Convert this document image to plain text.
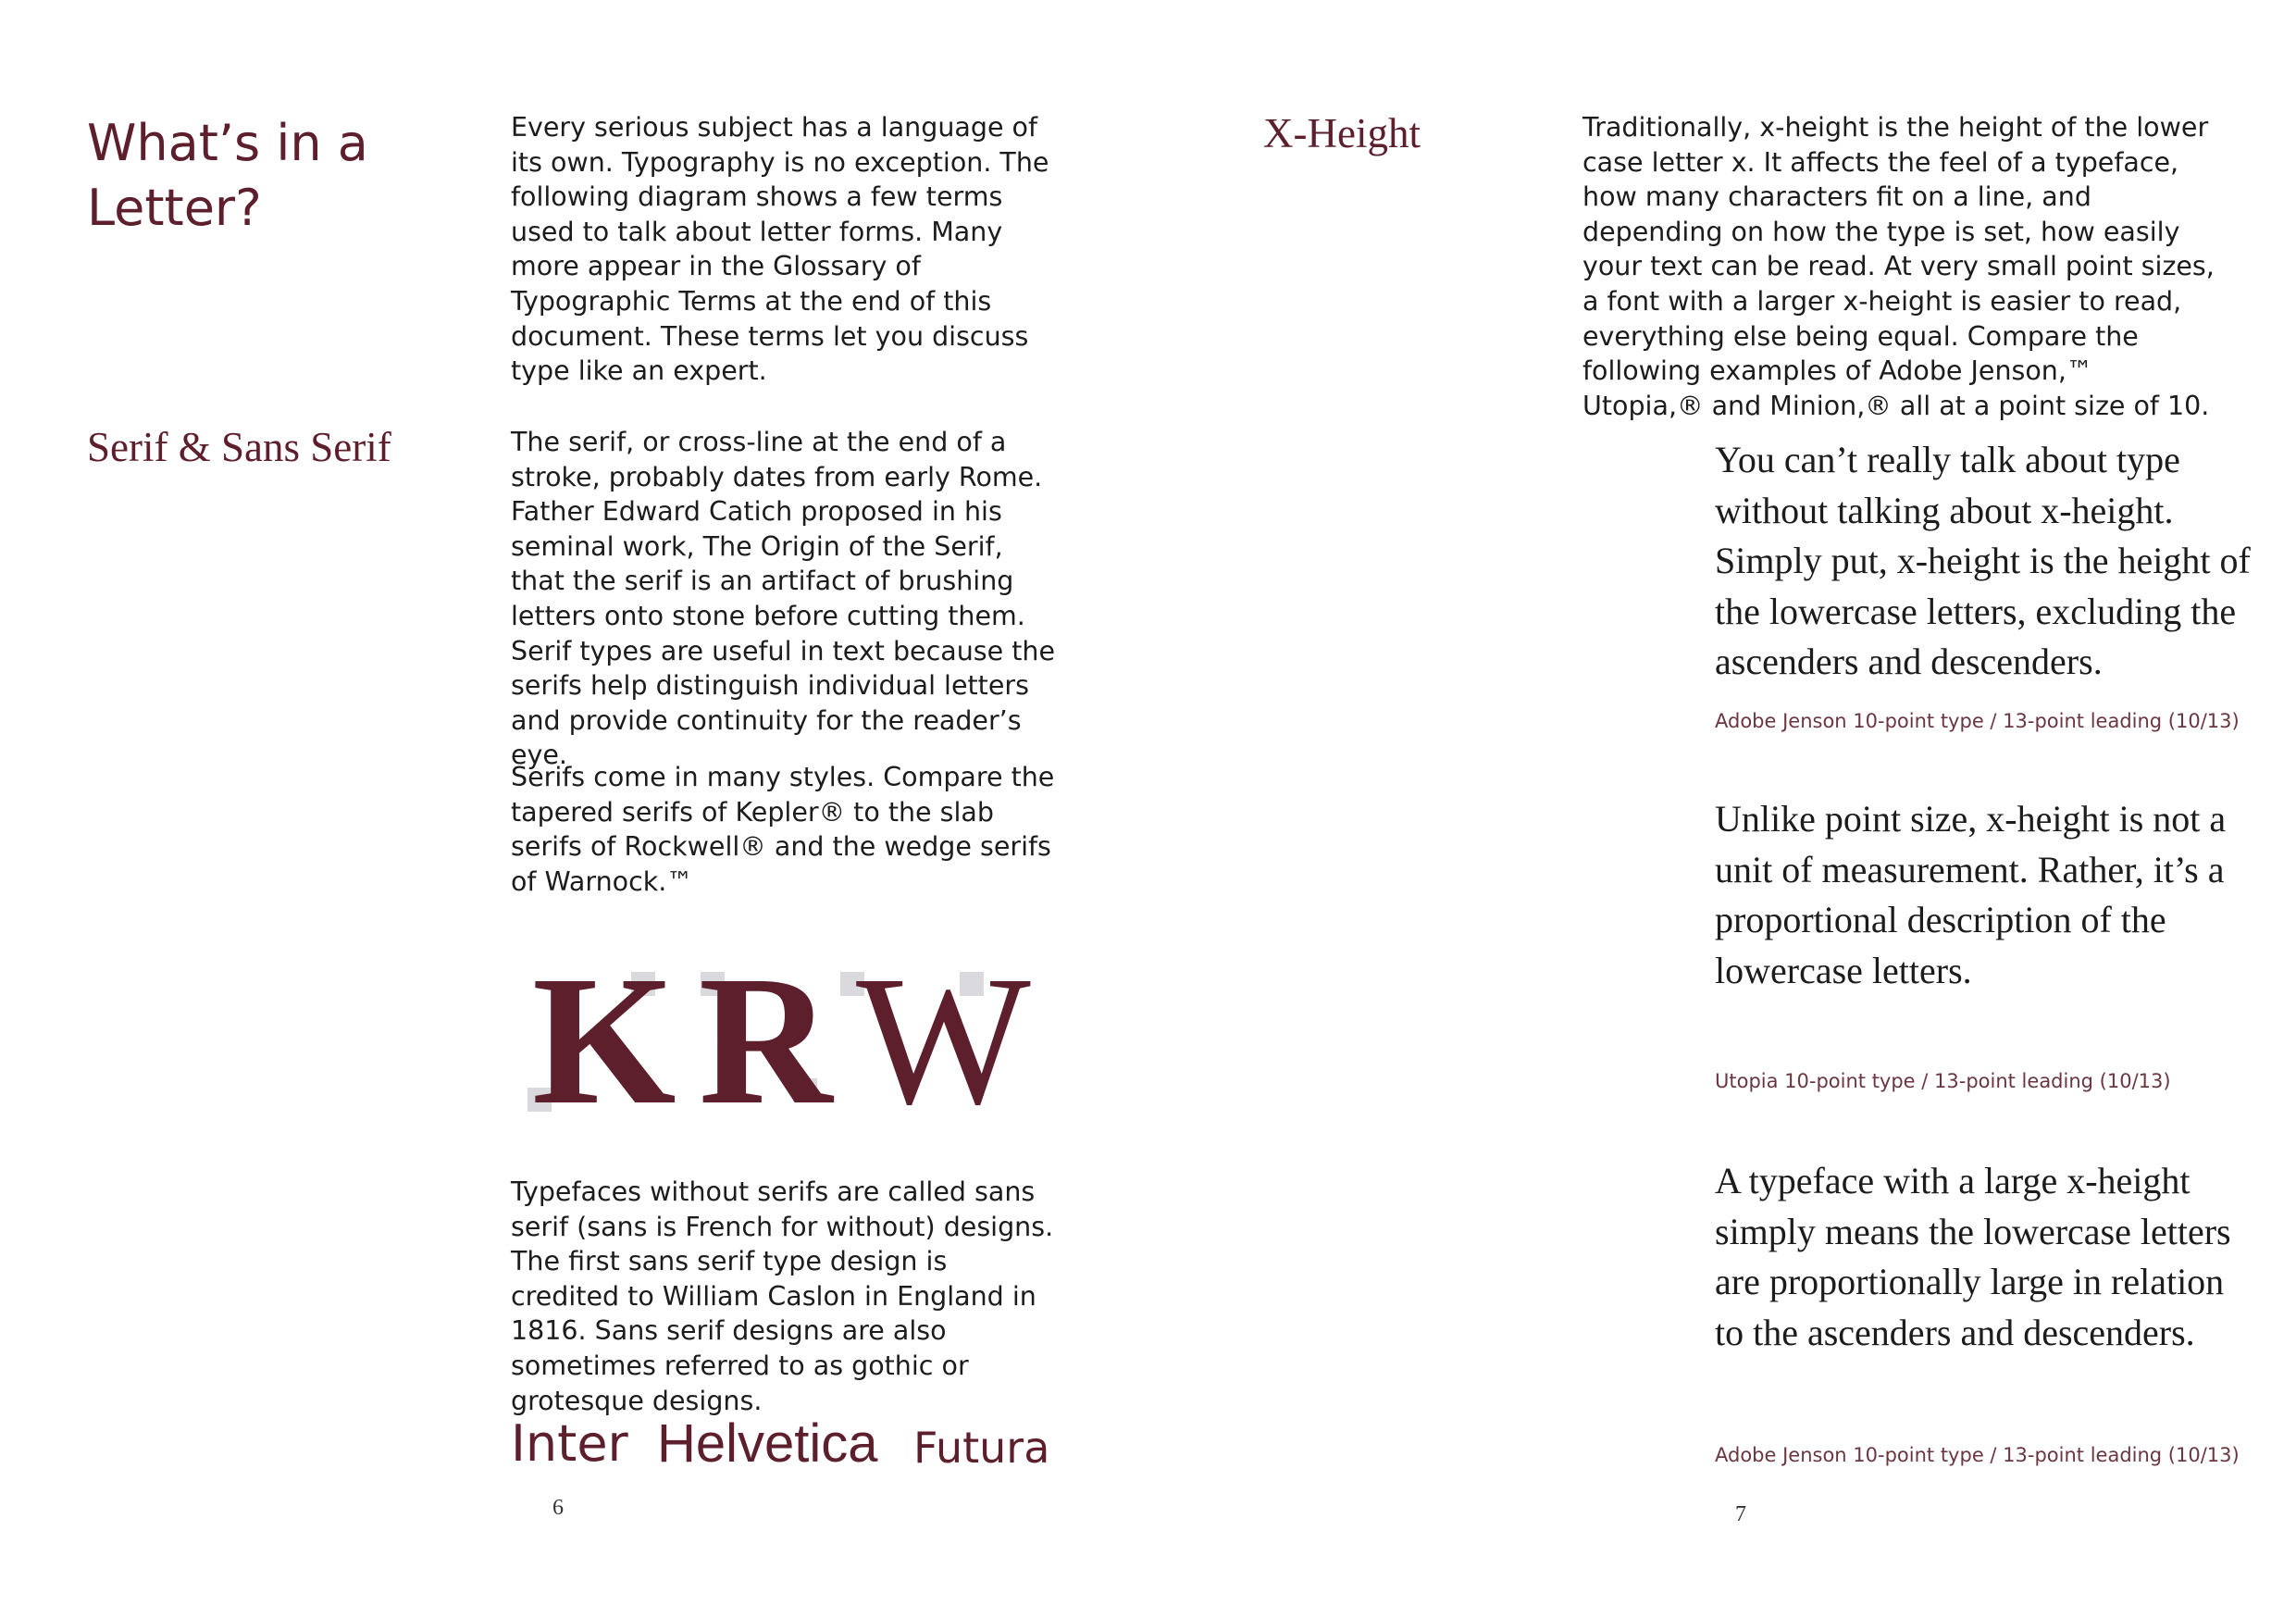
What’s in a Letter?

Every serious subject has a language of its own. Typography is no exception. The following diagram shows a few terms used to talk about letter forms. Many more appear in the Glossary of Typographic Terms at the end of this document. These terms let you discuss type like an expert.

Serif & Sans Serif	The serif, or cross-line at the end of a stroke, probably dates from early Rome. Father Edward Catich proposed in his seminal work, The Origin of the Serif, that the serif is an artifact of brushing letters onto stone before cutting them. Serif types are useful in text because the serifs help distinguish individual letters and provide continuity for the reader’s eye.

Serifs come in many styles. Compare the tapered serifs of Kepler® to the slab serifs of Rockwell® and the wedge serifs of Warnock.™

K R W

Typefaces without serifs are called sans serif (sans is French for without) designs. The first sans serif type design is credited to William Caslon in England in 1816. Sans serif designs are also sometimes referred to as gothic or grotesque designs.

Inter Helvetica Futura
6
X-Height	Traditionally, x-height is the height of the lower case letter x. It affects the feel of a typeface, how many characters fit on a line, and depending on how the type is set, how easily your text can be read. At very small point sizes, a font with a larger x-height is easier to read, everything else being equal. Compare the following examples of Adobe Jenson,™ Utopia,® and Minion,® all at a point size of 10.

You can’t really talk about type without talking about x-height. Simply put, x-height is the height of the lowercase letters, excluding the ascenders and descenders.

Adobe Jenson 10-point type / 13-point leading (10/13)

Unlike point size, x-height is not a unit of measurement. Rather, it’s a proportional description of the lowercase letters.

Utopia 10-point type / 13-point leading (10/13)

A typeface with a large x-height simply means the lowercase letters are proportionally large in relation to the ascenders and descenders.

Adobe Jenson 10-point type / 13-point leading (10/13)
7
